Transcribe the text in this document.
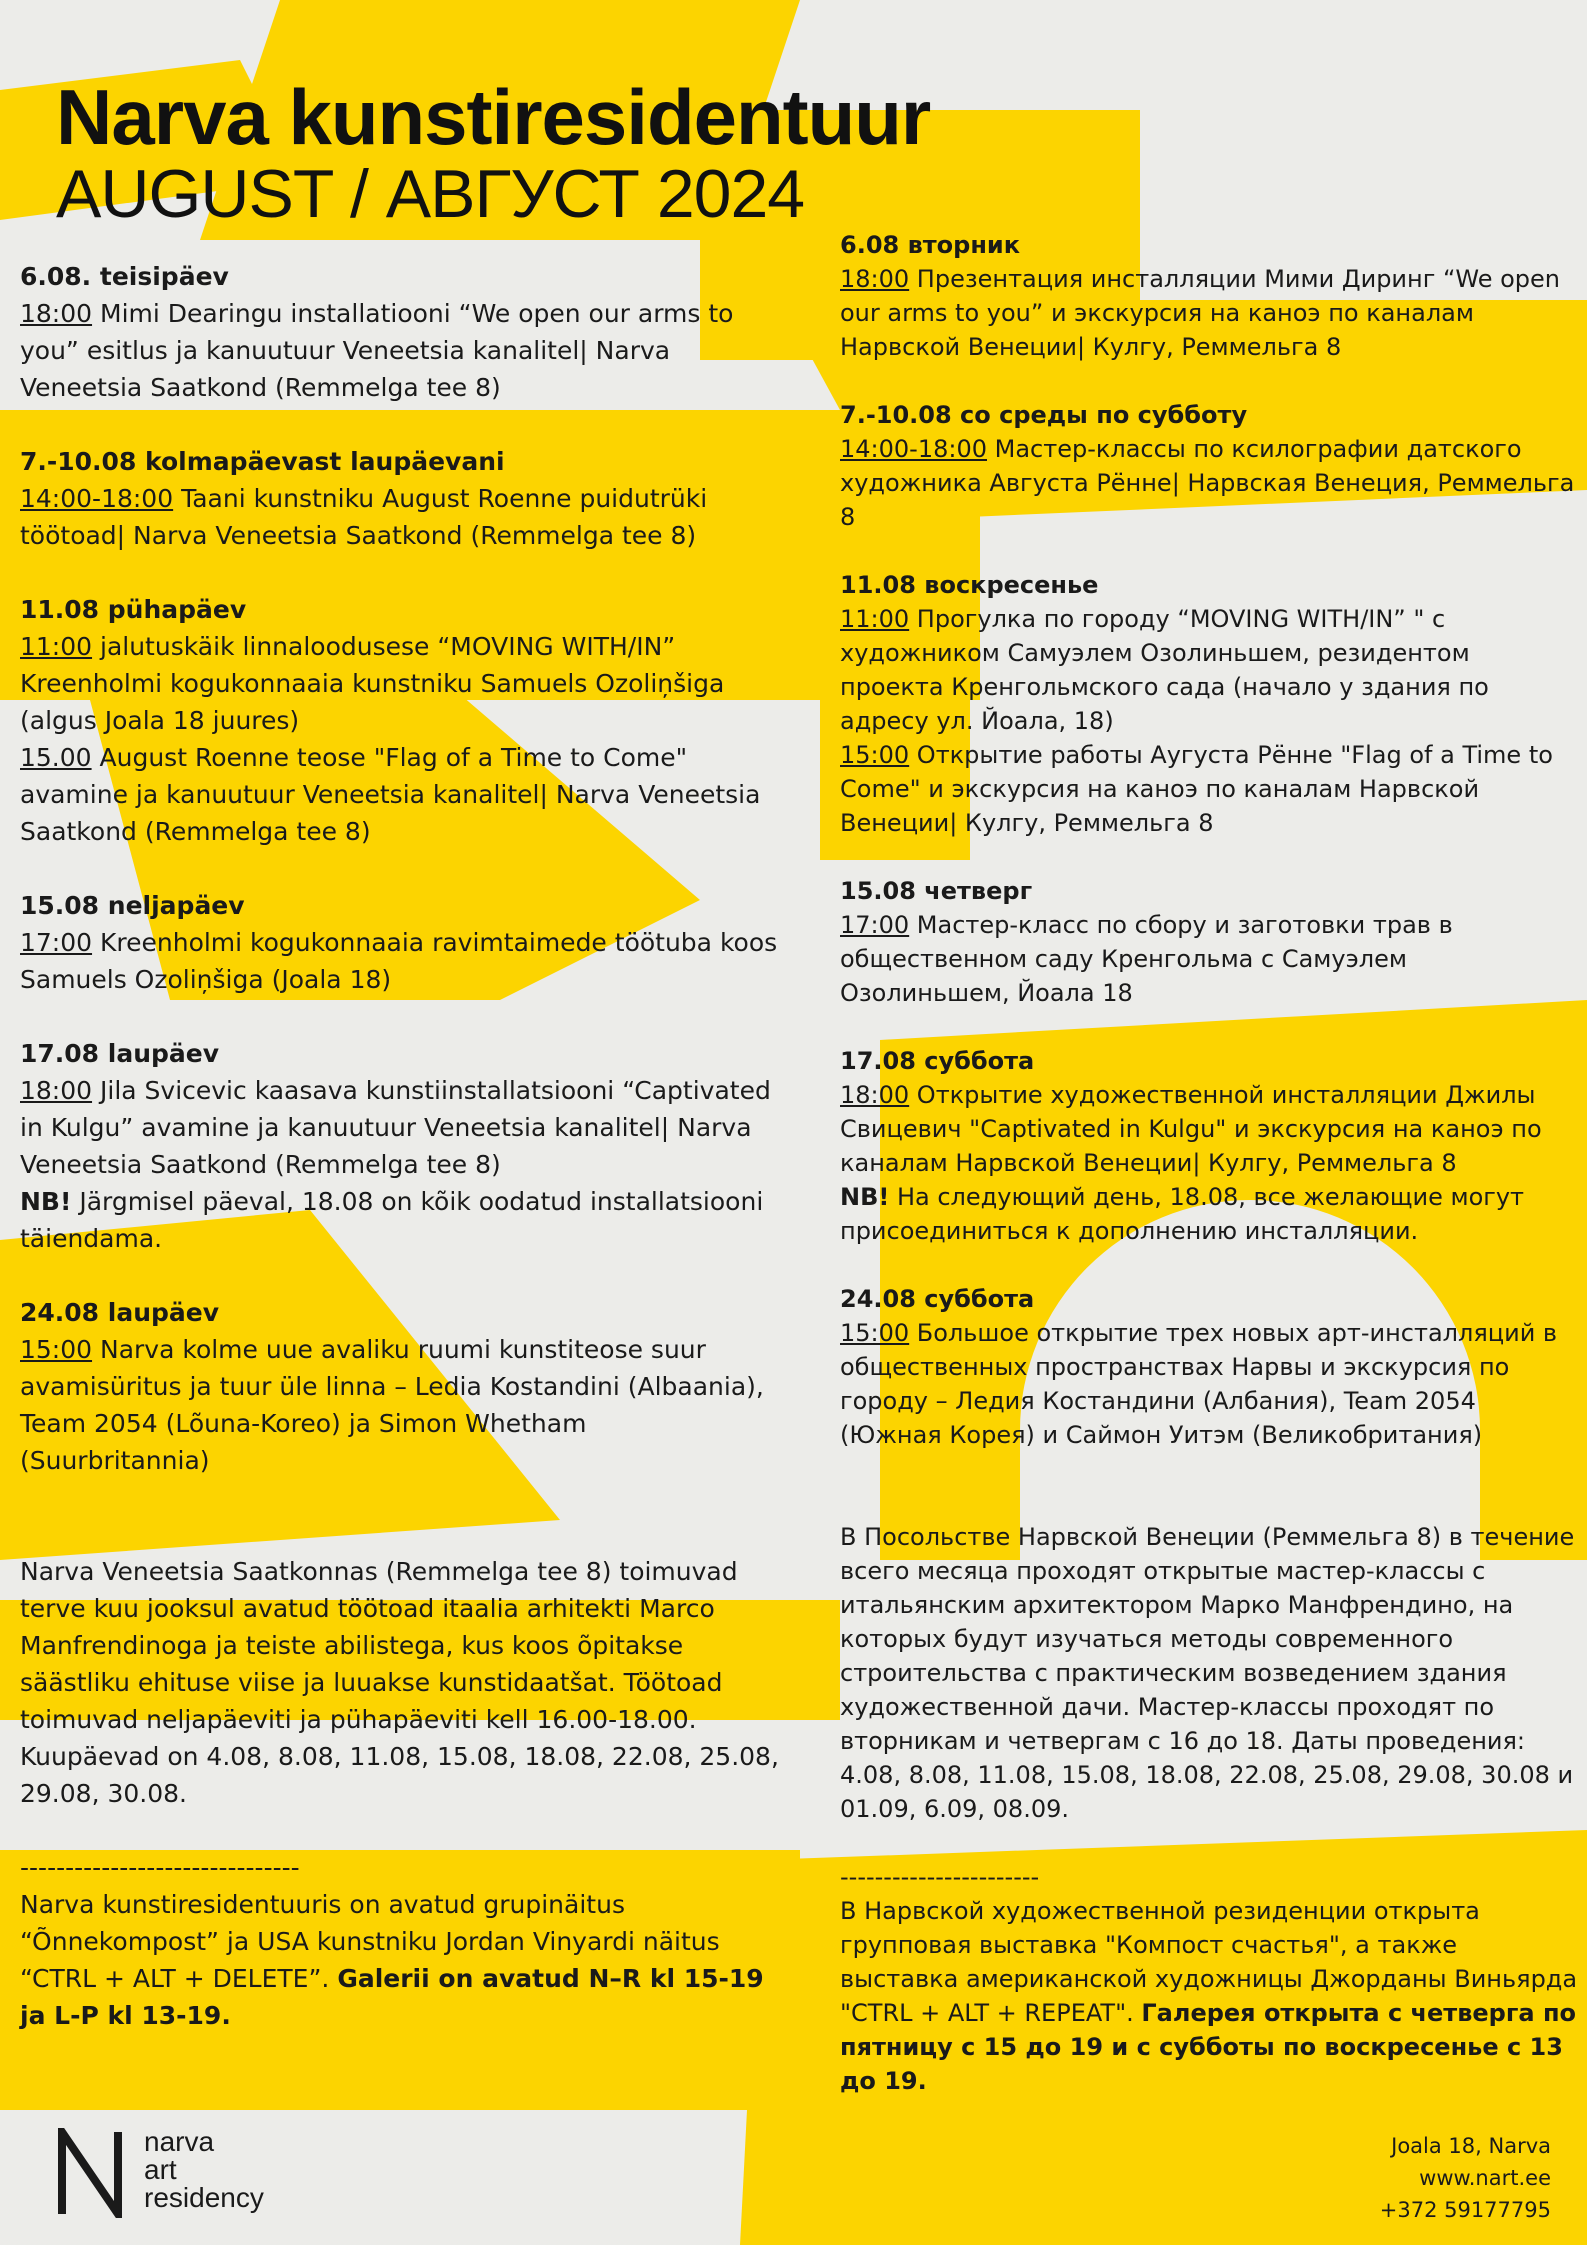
Narva kunstiresidentuur
AUGUST / АВГУСТ 2024
6.08. teisipäev
18:00 Mimi Dearingu installatiooni “We open our arms to you” esitlus ja kanuutuur Veneetsia kanalitel| Narva Veneetsia Saatkond (Remmelga tee 8)
7.-10.08 kolmapäevast laupäevani
14:00-18:00 Taani kunstniku August Roenne puidutrüki töötoad| Narva Veneetsia Saatkond (Remmelga tee 8)
11.08 pühapäev
11:00 jalutuskäik linnaloodusese “MOVING WITH/IN” Kreenholmi kogukonnaaia kunstniku Samuels Ozoliņšiga (algus Joala 18 juures)
15.00 August Roenne teose "Flag of a Time to Come" avamine ja kanuutuur Veneetsia kanalitel| Narva Veneetsia Saatkond (Remmelga tee 8)
15.08 neljapäev
17:00 Kreenholmi kogukonnaaia ravimtaimede töötuba koos Samuels Ozoliņšiga (Joala 18)
17.08 laupäev
18:00 Jila Svicevic kaasava kunstiinstallatsiooni “Captivated in Kulgu” avamine ja kanuutuur Veneetsia kanalitel| Narva Veneetsia Saatkond (Remmelga tee 8)
NB! Järgmisel päeval, 18.08 on kõik oodatud installatsiooni täiendama.
24.08 laupäev
15:00 Narva kolme uue avaliku ruumi kunstiteose suur avamisüritus ja tuur üle linna – Ledia Kostandini (Albaania), Team 2054 (Lõuna-Koreo) ja Simon Whetham (Suurbritannia)

Narva Veneetsia Saatkonnas (Remmelga tee 8) toimuvad terve kuu jooksul avatud töötoad itaalia arhitekti Marco Manfrendinoga ja teiste abilistega, kus koos õpitakse säästliku ehituse viise ja luuakse kunstidaatšat. Töötoad toimuvad neljapäeviti ja pühapäeviti kell 16.00-18.00. Kuupäevad on 4.08, 8.08, 11.08, 15.08, 18.08, 22.08, 25.08, 29.08, 30.08.

-------------------------------

Narva kunstiresidentuuris on avatud grupinäitus “Õnnekompost” ja USA kunstniku Jordan Vinyardi näitus “CTRL + ALT + DELETE”. Galerii on avatud N–R kl 15-19 ja L-P kl 13-19.

6.08 вторник
18:00 Презентация инсталляции Мими Диринг “We open our arms to you” и экскурсия на каноэ по каналам Нарвской Венеции| Кулгу, Реммельга 8
7.-10.08 со среды по субботу
14:00-18:00 Мастер-классы по ксилографии датского художника Августа Рённе| Нарвская Венеция, Реммельга 8
11.08 воскресенье
11:00 Прогулка по городу “MOVING WITH/IN” " с художником Самуэлем Озолиньшем, резидентом проекта Кренгольмского сада (начало у здания по адресу ул. Йоала, 18)
15:00 Открытие работы Аугуста Рённе "Flag of a Time to Come" и экскурсия на каноэ по каналам Нарвской Венеции| Кулгу, Реммельга 8
15.08 четверг
17:00 Мастер-класс по сбору и заготовки трав в общественном саду Кренгольма с Самуэлем Озолиньшем, Йоала 18
17.08 суббота
18:00 Открытие художественной инсталляции Джилы Свицевич "Captivated in Kulgu" и экскурсия на каноэ по каналам Нарвской Венеции| Кулгу, Реммельга 8
NB! На следующий день, 18.08, все желающие могут присоединиться к дополнению инсталляции.
24.08 суббота
15:00 Большое открытие трех новых арт-инсталляций в общественных пространствах Нарвы и экскурсия по городу – Ледия Костандини (Албания), Team 2054 (Южная Корея) и Саймон Уитэм (Великобритания)

В Посольстве Нарвской Венеции (Реммельга 8) в течение всего месяца проходят открытые мастер-классы с итальянским архитектором Марко Манфрендино, на которых будут изучаться методы современного строительства с практическим возведением здания художественной дачи. Мастер-классы проходят по вторникам и четвергам с 16 до 18. Даты проведения: 4.08, 8.08, 11.08, 15.08, 18.08, 22.08, 25.08, 29.08, 30.08 и 01.09, 6.09, 08.09.

-----------------------

В Нарвской художественной резиденции открыта групповая выставка "Компост счастья", а также выставка американской художницы Джорданы Виньярда "CTRL + ALT + REPEAT". Галерея открыта с четверга по пятницу с 15 до 19 и с субботы по воскресенье с 13 до 19.

narva
art
residency
Joala 18, Narva
www.nart.ee
+372 59177795
